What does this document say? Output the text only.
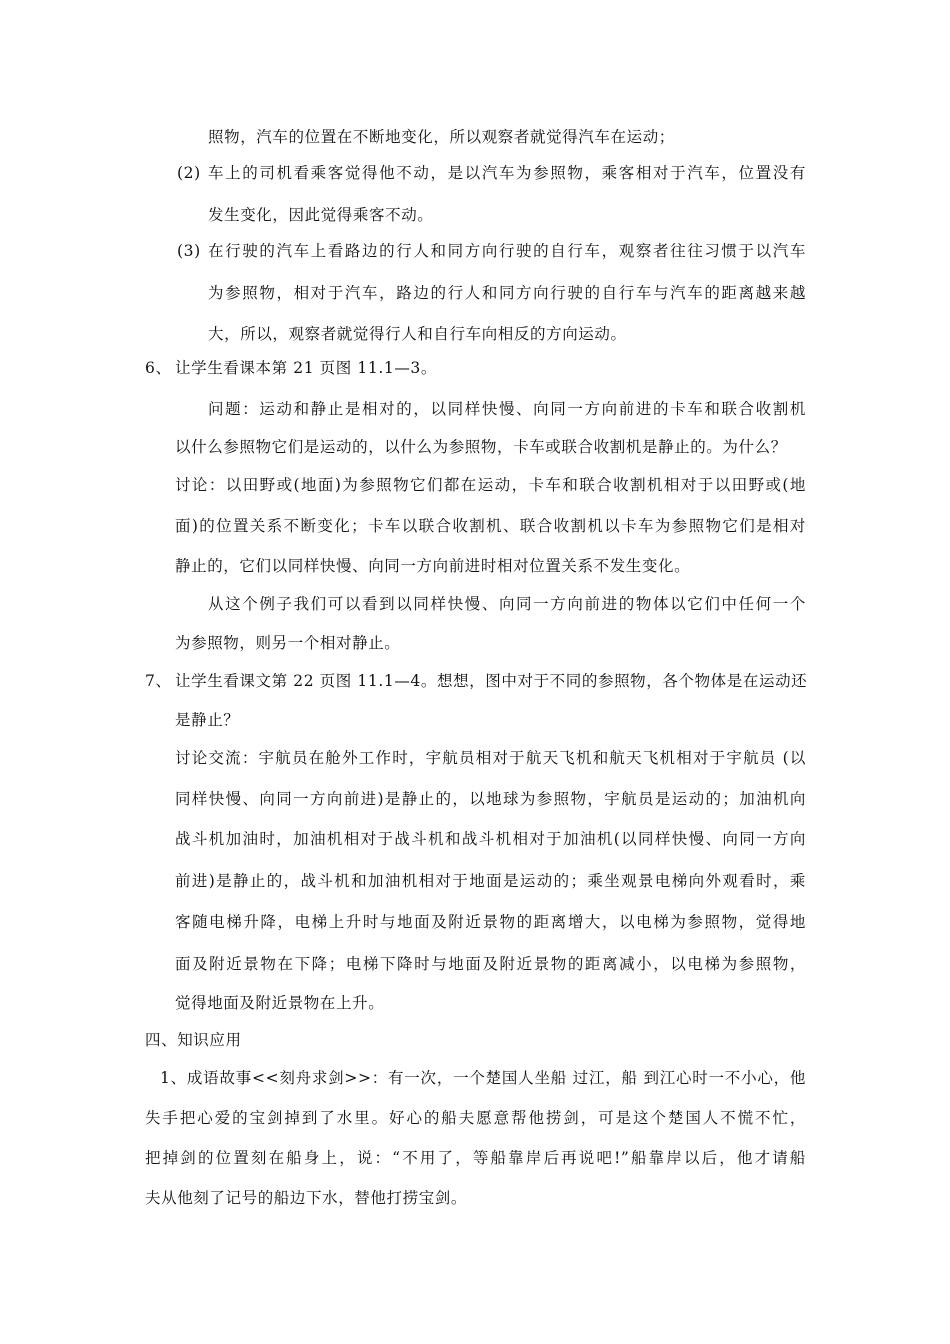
照物，汽车的位置在不断地变化，所以观察者就觉得汽车在运动；
(2) 车上的司机看乘客觉得他不动，是以汽车为参照物，乘客相对于汽车，位置没有
发生变化，因此觉得乘客不动。
(3) 在行驶的汽车上看路边的行人和同方向行驶的自行车，观察者往往习惯于以汽车
为参照物，相对于汽车，路边的行人和同方向行驶的自行车与汽车的距离越来越
大，所以，观察者就觉得行人和自行车向相反的方向运动。
6、 让学生看课本第 21 页图 11.1—3。
问题：运动和静止是相对的，以同样快慢、向同一方向前进的卡车和联合收割机
以什么参照物它们是运动的，以什么为参照物，卡车或联合收割机是静止的。为什么？
讨论：以田野或(地面)为参照物它们都在运动，卡车和联合收割机相对于以田野或(地
面)的位置关系不断变化；卡车以联合收割机、联合收割机以卡车为参照物它们是相对
静止的，它们以同样快慢、向同一方向前进时相对位置关系不发生变化。
从这个例子我们可以看到以同样快慢、向同一方向前进的物体以它们中任何一个
为参照物，则另一个相对静止。
7、 让学生看课文第 22 页图 11.1—4。想想，图中对于不同的参照物，各个物体是在运动还
是静止？
讨论交流：宇航员在舱外工作时，宇航员相对于航天飞机和航天飞机相对于宇航员 (以
同样快慢、向同一方向前进)是静止的，以地球为参照物，宇航员是运动的；加油机向
战斗机加油时，加油机相对于战斗机和战斗机相对于加油机(以同样快慢、向同一方向
前进)是静止的，战斗机和加油机相对于地面是运动的；乘坐观景电梯向外观看时，乘
客随电梯升降，电梯上升时与地面及附近景物的距离增大，以电梯为参照物，觉得地
面及附近景物在下降；电梯下降时与地面及附近景物的距离减小，以电梯为参照物，
觉得地面及附近景物在上升。
四、知识应用
1、成语故事<<刻舟求剑>>：有一次，一个楚国人坐船 过江，船 到江心时一不小心，他
失手把心爱的宝剑掉到了水里。好心的船夫愿意帮他捞剑，可是这个楚国人不慌不忙，
把掉剑的位置刻在船身上，说：“不用了，等船靠岸后再说吧!”船靠岸以后，他才请船
夫从他刻了记号的船边下水，替他打捞宝剑。
